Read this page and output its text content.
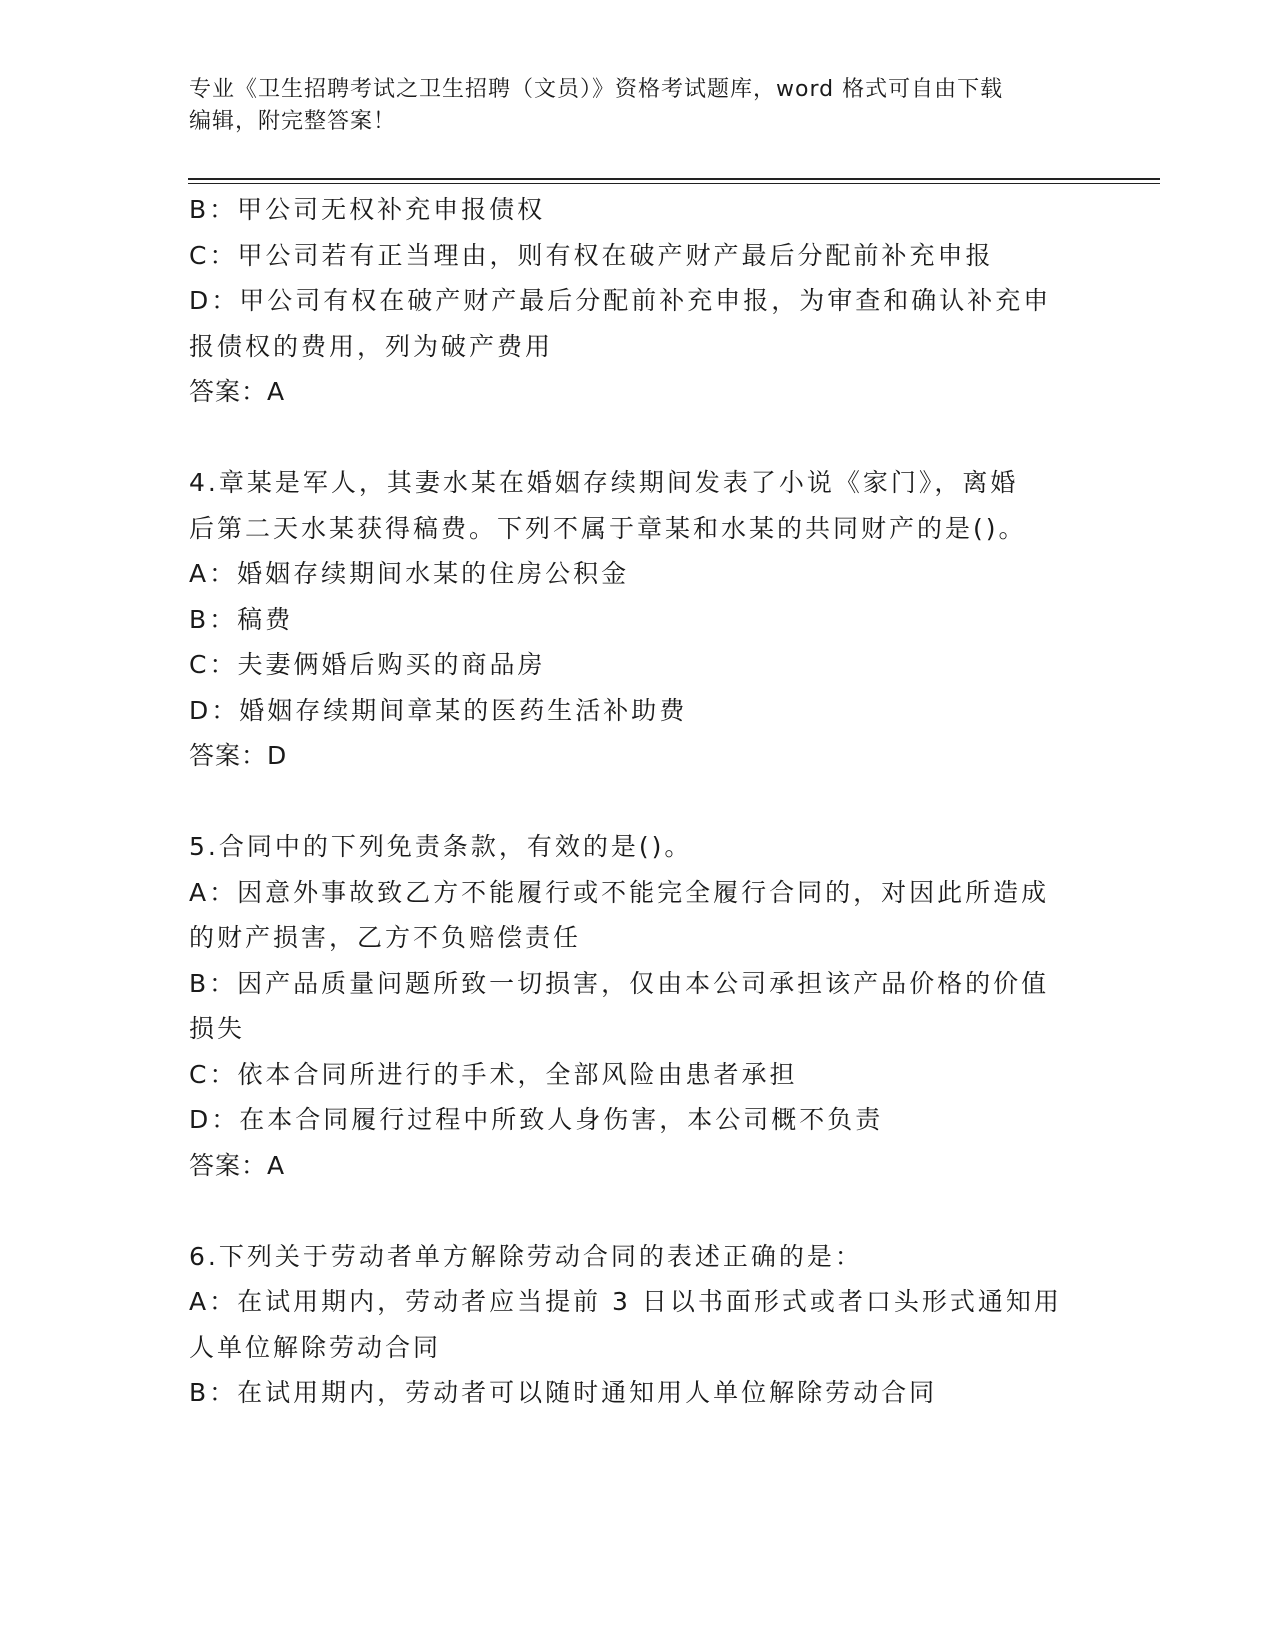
专业《卫生招聘考试之卫生招聘（文员）》资格考试题库，word 格式可自由下载
编辑，附完整答案！

B：甲公司无权补充申报债权

C：甲公司若有正当理由，则有权在破产财产最后分配前补充申报

D：甲公司有权在破产财产最后分配前补充申报，为审查和确认补充申

报债权的费用，列为破产费用

答案：A

4.章某是军人，其妻水某在婚姻存续期间发表了小说《家门》，离婚

后第二天水某获得稿费。下列不属于章某和水某的共同财产的是()。

A：婚姻存续期间水某的住房公积金

B：稿费

C：夫妻俩婚后购买的商品房

D：婚姻存续期间章某的医药生活补助费

答案：D

5.合同中的下列免责条款，有效的是()。

A：因意外事故致乙方不能履行或不能完全履行合同的，对因此所造成

的财产损害，乙方不负赔偿责任

B：因产品质量问题所致一切损害，仅由本公司承担该产品价格的价值

损失

C：依本合同所进行的手术，全部风险由患者承担

D：在本合同履行过程中所致人身伤害，本公司概不负责

答案：A

6.下列关于劳动者单方解除劳动合同的表述正确的是：

A：在试用期内，劳动者应当提前 3 日以书面形式或者口头形式通知用

人单位解除劳动合同

B：在试用期内，劳动者可以随时通知用人单位解除劳动合同
